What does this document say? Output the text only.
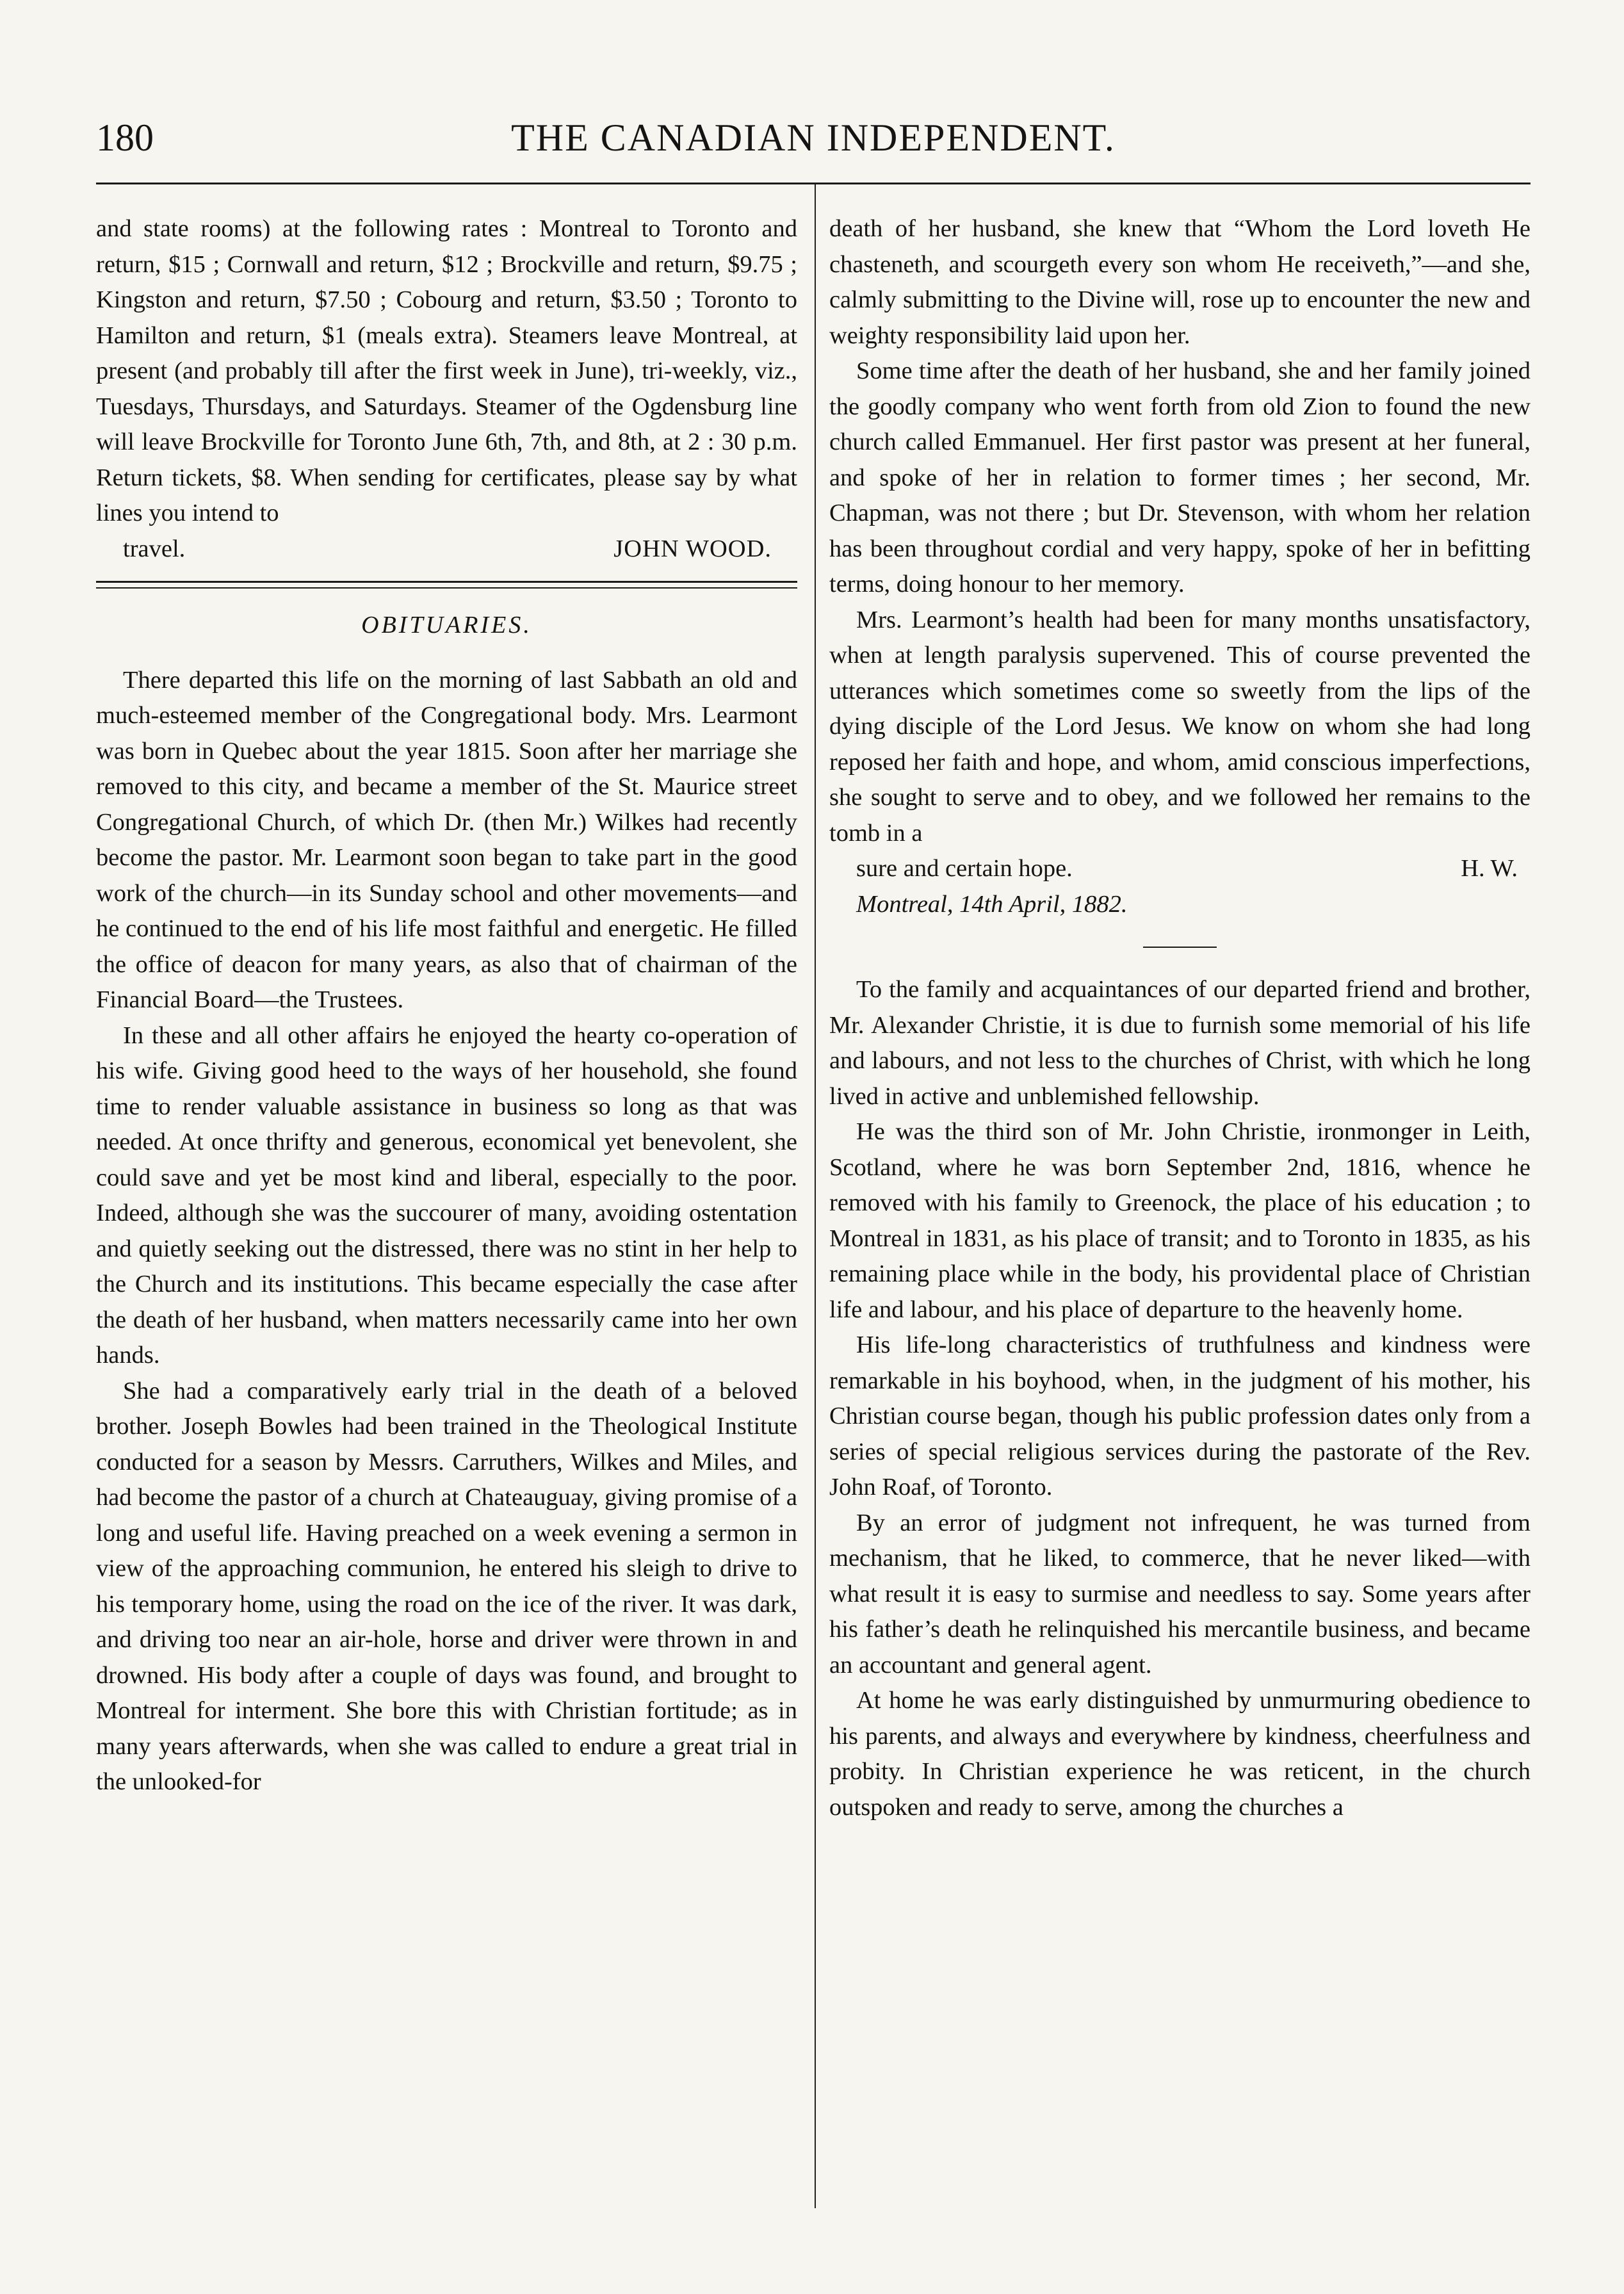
180	THE CANADIAN INDEPENDENT.

and state rooms) at the following rates : Montreal to Toronto and return, $15 ; Cornwall and return, $12 ; Brockville and return, $9.75 ; Kingston and return, $7.50 ; Cobourg and return, $3.50 ; Toronto to Hamilton and return, $1 (meals extra). Steamers leave Montreal, at present (and probably till after the first week in June), tri-weekly, viz., Tuesdays, Thursdays, and Saturdays. Steamer of the Ogdensburg line will leave Brockville for Toronto June 6th, 7th, and 8th, at 2 : 30 p.m. Return tickets, $8. When sending for certificates, please say by what lines you intend to

travel.	JOHN WOOD.

OBITUARIES.

There departed this life on the morning of last Sabbath an old and much-esteemed member of the Congregational body. Mrs. Learmont was born in Quebec about the year 1815. Soon after her marriage she removed to this city, and became a member of the St. Maurice street Congregational Church, of which Dr. (then Mr.) Wilkes had recently become the pastor. Mr. Learmont soon began to take part in the good work of the church—in its Sunday school and other movements—and he continued to the end of his life most faithful and energetic. He filled the office of deacon for many years, as also that of chairman of the Financial Board—the Trustees.

In these and all other affairs he enjoyed the hearty co-operation of his wife. Giving good heed to the ways of her household, she found time to render valuable assistance in business so long as that was needed. At once thrifty and generous, economical yet benevolent, she could save and yet be most kind and liberal, especially to the poor. Indeed, although she was the succourer of many, avoiding ostentation and quietly seeking out the distressed, there was no stint in her help to the Church and its institutions. This became especially the case after the death of her husband, when matters necessarily came into her own hands.

She had a comparatively early trial in the death of a beloved brother. Joseph Bowles had been trained in the Theological Institute conducted for a season by Messrs. Carruthers, Wilkes and Miles, and had become the pastor of a church at Chateauguay, giving promise of a long and useful life. Having preached on a week evening a sermon in view of the approaching communion, he entered his sleigh to drive to his temporary home, using the road on the ice of the river. It was dark, and driving too near an air-hole, horse and driver were thrown in and drowned. His body after a couple of days was found, and brought to Montreal for interment. She bore this with Christian fortitude; as in many years afterwards, when she was called to endure a great trial in the unlooked-for

death of her husband, she knew that “Whom the Lord loveth He chasteneth, and scourgeth every son whom He receiveth,”—and she, calmly submitting to the Divine will, rose up to encounter the new and weighty responsibility laid upon her.

Some time after the death of her husband, she and her family joined the goodly company who went forth from old Zion to found the new church called Emmanuel. Her first pastor was present at her funeral, and spoke of her in relation to former times ; her second, Mr. Chapman, was not there ; but Dr. Stevenson, with whom her relation has been throughout cordial and very happy, spoke of her in befitting terms, doing honour to her memory.

Mrs. Learmont’s health had been for many months unsatisfactory, when at length paralysis supervened. This of course prevented the utterances which sometimes come so sweetly from the lips of the dying disciple of the Lord Jesus. We know on whom she had long reposed her faith and hope, and whom, amid conscious imperfections, she sought to serve and to obey, and we followed her remains to the tomb in a

sure and certain hope.	H. W.

Montreal, 14th April, 1882.

To the family and acquaintances of our departed friend and brother, Mr. Alexander Christie, it is due to furnish some memorial of his life and labours, and not less to the churches of Christ, with which he long lived in active and unblemished fellowship.

He was the third son of Mr. John Christie, ironmonger in Leith, Scotland, where he was born September 2nd, 1816, whence he removed with his family to Greenock, the place of his education ; to Montreal in 1831, as his place of transit; and to Toronto in 1835, as his remaining place while in the body, his providental place of Christian life and labour, and his place of departure to the heavenly home.

His life-long characteristics of truthfulness and kindness were remarkable in his boyhood, when, in the judgment of his mother, his Christian course began, though his public profession dates only from a series of special religious services during the pastorate of the Rev. John Roaf, of Toronto.

By an error of judgment not infrequent, he was turned from mechanism, that he liked, to commerce, that he never liked—with what result it is easy to surmise and needless to say. Some years after his father’s death he relinquished his mercantile business, and became an accountant and general agent.

At home he was early distinguished by unmurmuring obedience to his parents, and always and everywhere by kindness, cheerfulness and probity. In Christian experience he was reticent, in the church outspoken and ready to serve, among the churches a
